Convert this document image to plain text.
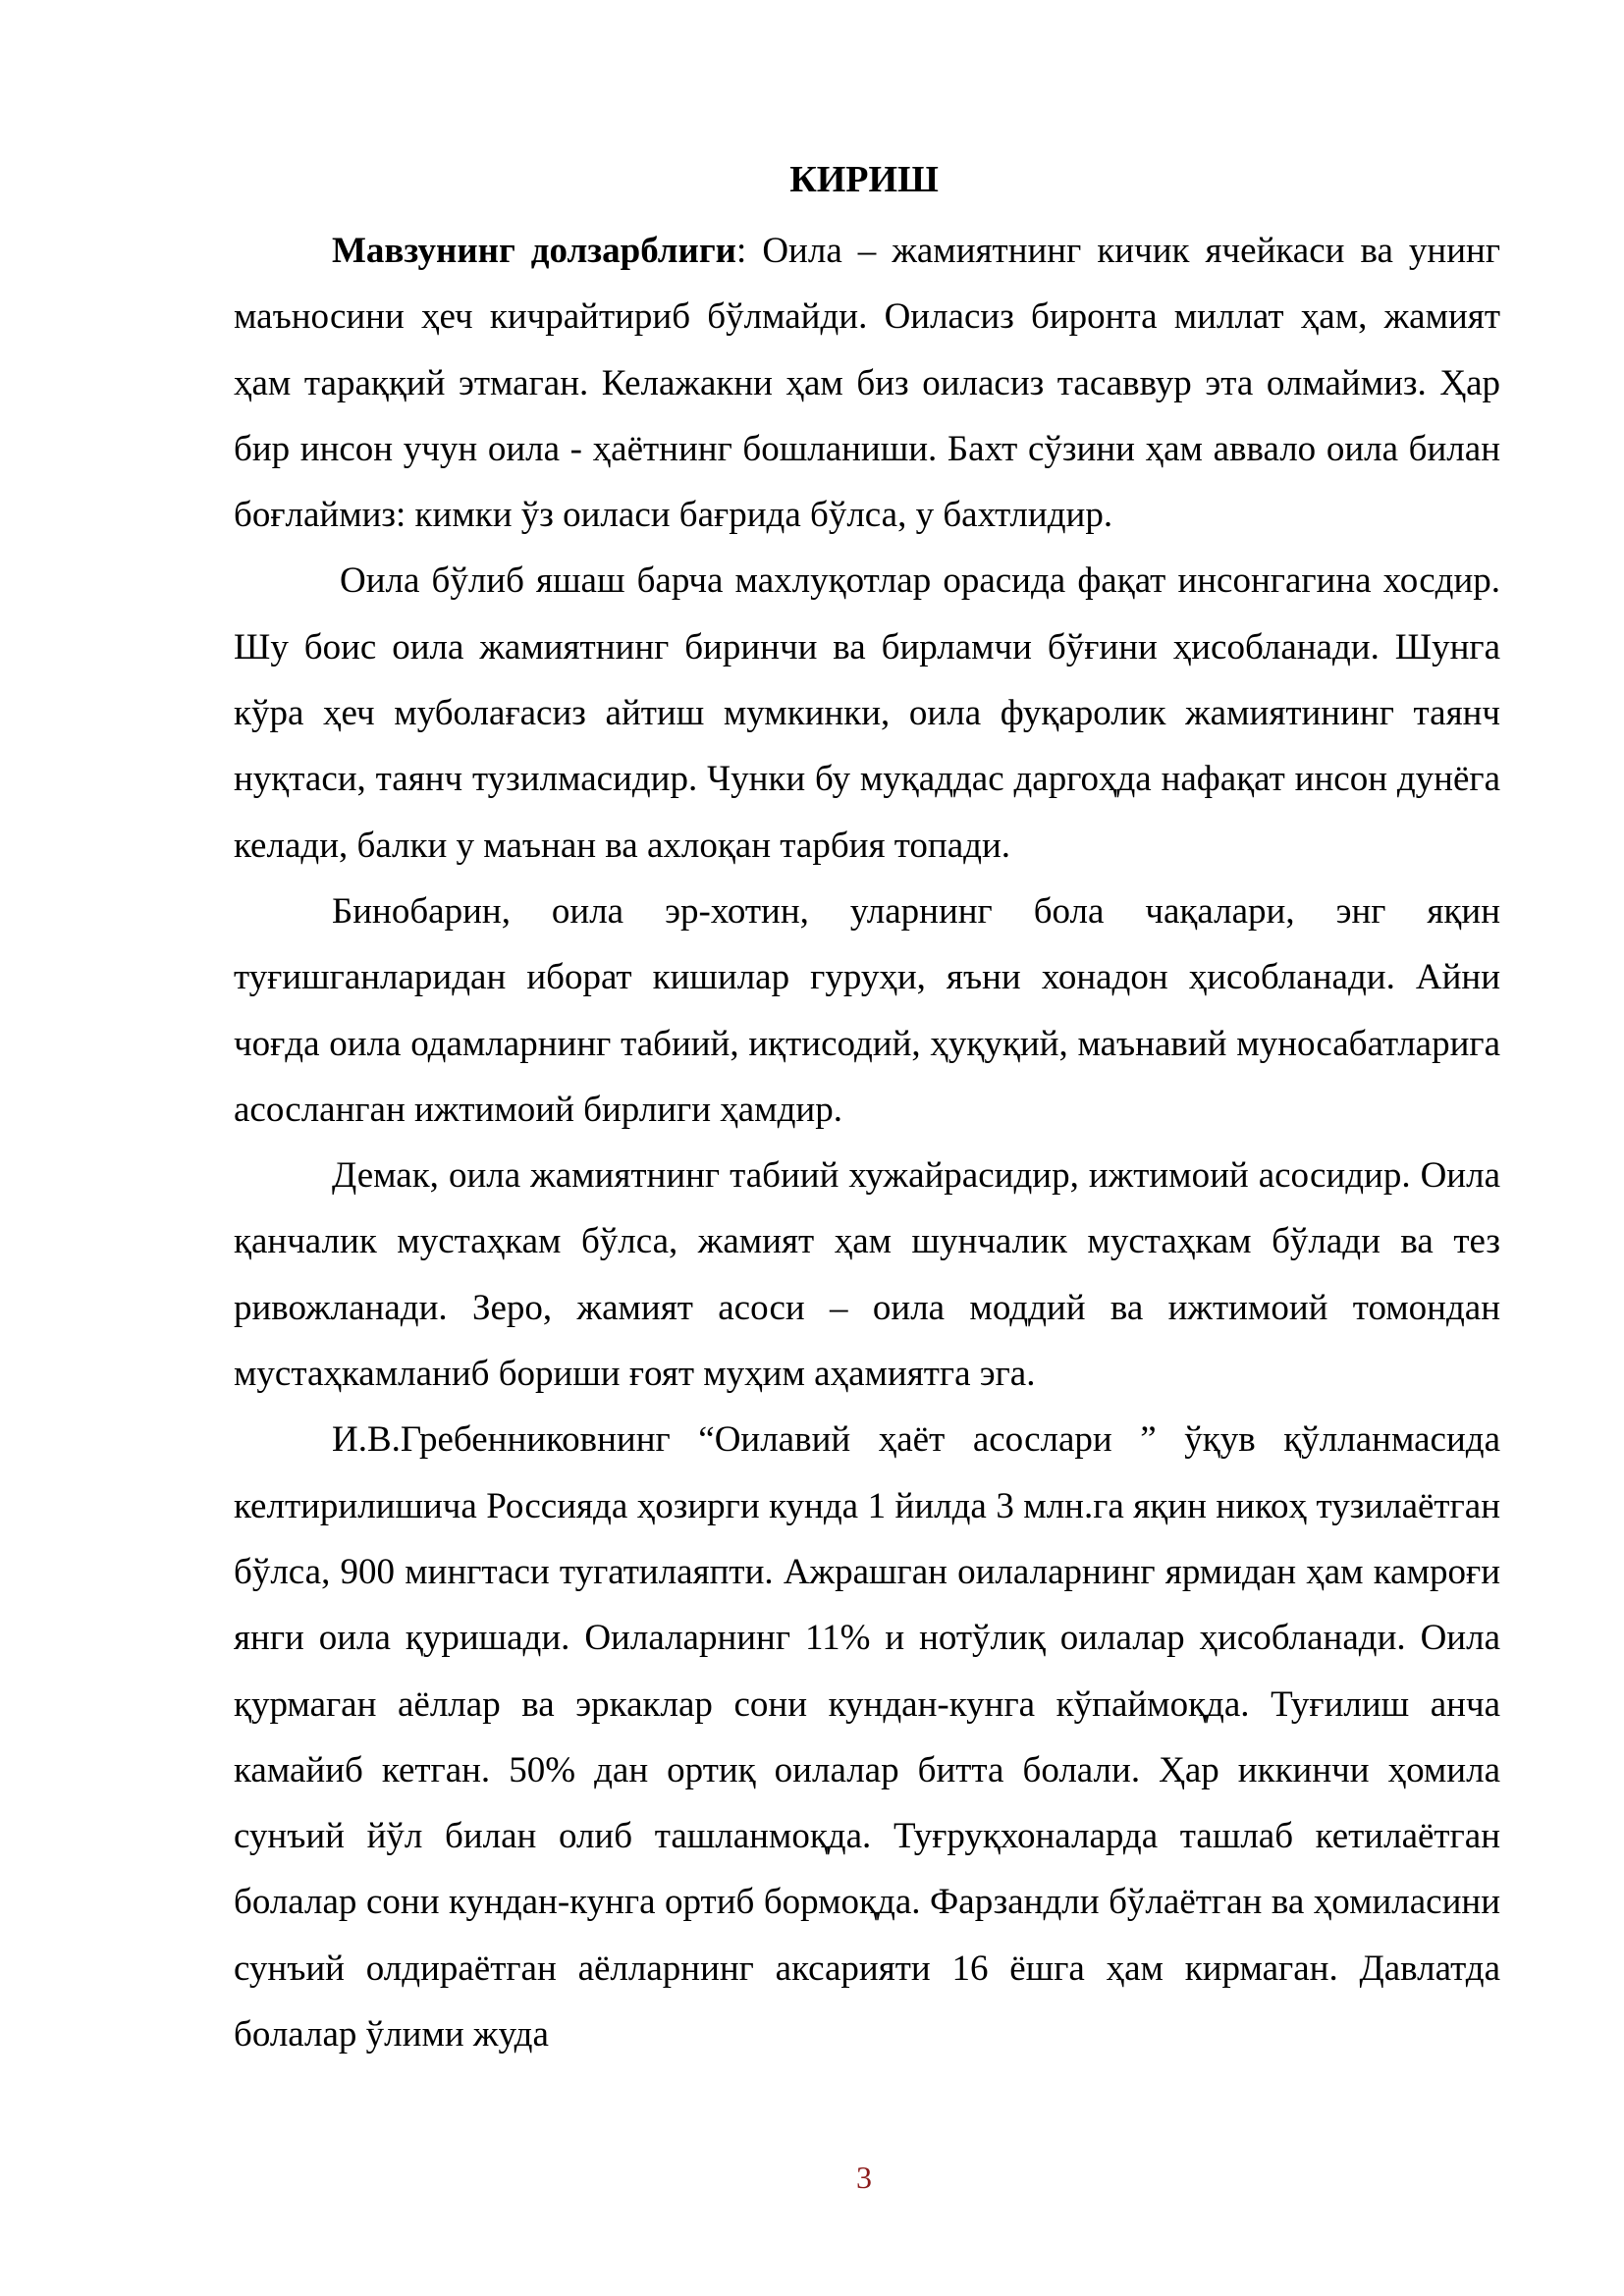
КИРИШ

Мавзунинг долзарблиги: Оила – жамиятнинг кичик ячейкаси ва унинг маъносини ҳеч кичрайтириб бўлмайди. Оиласиз биронта миллат ҳам, жамият ҳам тараққий этмаган. Келажакни ҳам биз оиласиз тасаввур эта олмаймиз. Ҳар бир инсон учун оила - ҳаётнинг бошланиши. Бахт сўзини ҳам аввало оила билан боғлаймиз: кимки ўз оиласи бағрида бўлса, у бахтлидир.

Оила бўлиб яшаш барча махлуқотлар орасида фақат инсонгагина хосдир. Шу боис оила жамиятнинг биринчи ва бирламчи бўғини ҳисобланади. Шунга кўра ҳеч муболағасиз айтиш мумкинки, оила фуқаролик жамиятининг таянч нуқтаси, таянч тузилмасидир. Чунки бу муқаддас даргоҳда нафақат инсон дунёга келади, балки у маънан ва ахлоқан тарбия топади.

Бинобарин, оила эр-хотин, уларнинг бола чақалари, энг яқин туғишганларидан иборат кишилар гуруҳи, яъни хонадон ҳисобланади. Айни чоғда оила одамларнинг табиий, иқтисодий, ҳуқуқий, маънавий муносабатларига асосланган ижтимоий бирлиги ҳамдир.

Демак, оила жамиятнинг табиий хужайрасидир, ижтимоий асосидир. Оила қанчалик мустаҳкам бўлса, жамият ҳам шунчалик мустаҳкам бўлади ва тез ривожланади. Зеро, жамият асоси – оила моддий ва ижтимоий томондан мустаҳкамланиб бориши ғоят муҳим аҳамиятга эга.

И.В.Гребенниковнинг “Оилавий ҳаёт асослари ” ўқув қўлланмасида келтирилишича Россияда ҳозирги кунда 1 йилда 3 млн.га яқин никоҳ тузилаётган бўлса, 900 мингтаси тугатилаяпти. Ажрашган оилаларнинг ярмидан ҳам камроғи янги оила қуришади. Оилаларнинг 11% и нотўлиқ оилалар ҳисобланади. Оила қурмаган аёллар ва эркаклар сони кундан-кунга кўпаймоқда. Туғилиш анча камайиб кетган. 50% дан ортиқ оилалар битта болали. Ҳар иккинчи ҳомила сунъий йўл билан олиб ташланмоқда. Туғруқхоналарда ташлаб кетилаётган болалар сони кундан-кунга ортиб бормоқда. Фарзандли бўлаётган ва ҳомиласини сунъий олдираётган аёлларнинг аксарияти 16 ёшга ҳам кирмаган. Давлатда болалар ўлими жуда

3
